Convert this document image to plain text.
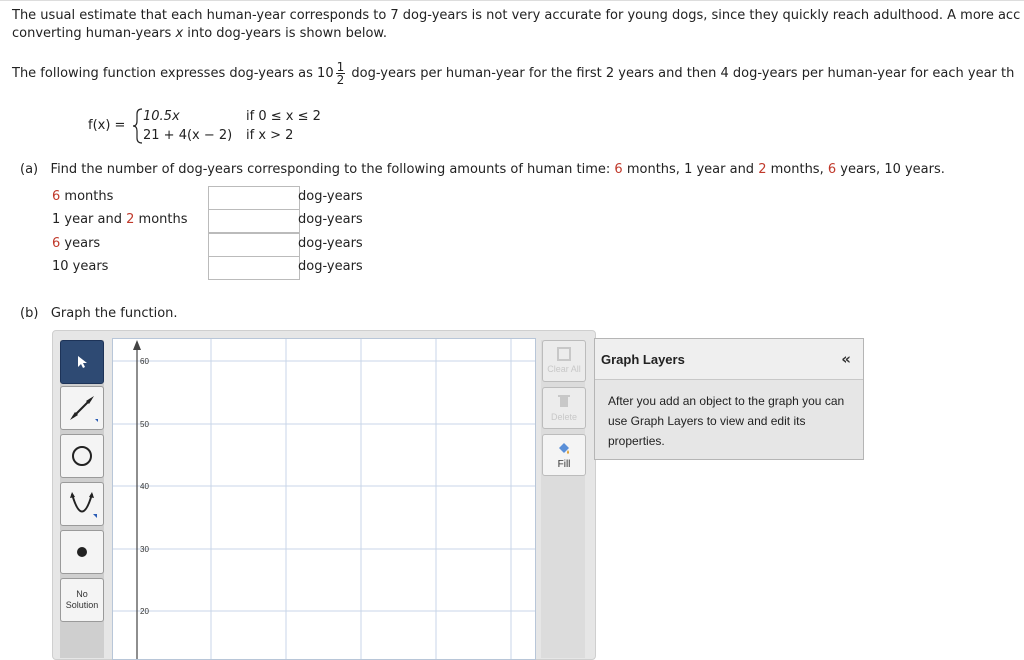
The usual estimate that each human-year corresponds to 7 dog-years is not very accurate for young dogs, since they quickly reach adulthood. A more acc
converting human-years x into dog-years is shown below.
The following function expresses dog-years as $10 \frac{1}{2}$ dog-years per human-year for the first 2 years and then 4 dog-years per human-year for each year th
f(x) =
10.5x	if 0 ≤ x ≤ 2
21 + 4(x − 2) if x > 2
(a) Find the number of dog-years corresponding to the following amounts of human time: 6 months, 1 year and 2 months, 6 years, 10 years.
6 months	dog-years
1 year and 2 months	dog-years
6 years	dog-years
10 years	dog-years
(b) Graph the function.
No
Solution
60
50
40
30
20
Clear All
Delete
Fill
Graph Layers	«
After you add an object to the graph you can use Graph Layers to view and edit its properties.
